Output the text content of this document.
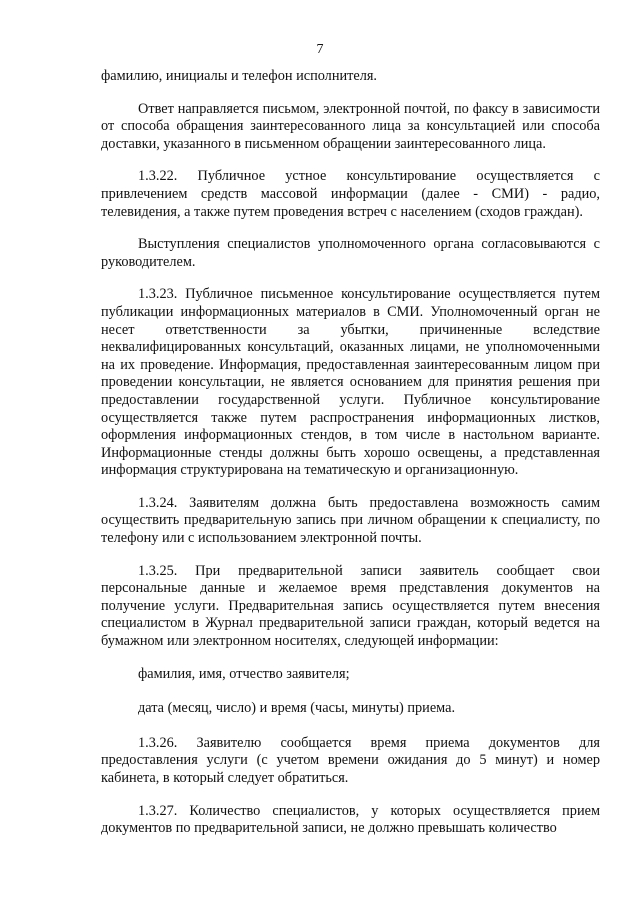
7

фамилию, инициалы и телефон исполнителя.

Ответ направляется письмом, электронной почтой, по факсу в зависимости от способа обращения заинтересованного лица за консультацией или способа доставки, указанного в письменном обращении заинтересованного лица.

1.3.22. Публичное устное консультирование осуществляется с привлечением средств массовой информации (далее - СМИ) - радио, телевидения, а также путем проведения встреч с населением (сходов граждан).

Выступления специалистов уполномоченного органа согласовываются с руководителем.

1.3.23. Публичное письменное консультирование осуществляется путем публикации информационных материалов в СМИ. Уполномоченный орган не несет ответственности за убытки, причиненные вследствие неквалифицированных консультаций, оказанных лицами, не уполномоченными на их проведение. Информация, предоставленная заинтересованным лицом при проведении консультации, не является основанием для принятия решения при предоставлении государственной услуги. Публичное консультирование осуществляется также путем распространения информационных листков, оформления информационных стендов, в том числе в настольном варианте. Информационные стенды должны быть хорошо освещены, а представленная информация структурирована на тематическую и организационную.

1.3.24. Заявителям должна быть предоставлена возможность самим осуществить предварительную запись при личном обращении к специалисту, по телефону или с использованием электронной почты.

1.3.25. При предварительной записи заявитель сообщает свои персональные данные и желаемое время представления документов на получение услуги. Предварительная запись осуществляется путем внесения специалистом в Журнал предварительной записи граждан, который ведется на бумажном или электронном носителях, следующей информации:

фамилия, имя, отчество заявителя;

дата (месяц, число) и время (часы, минуты) приема.

1.3.26. Заявителю сообщается время приема документов для предоставления услуги (с учетом времени ожидания до 5 минут) и номер кабинета, в который следует обратиться.

1.3.27. Количество специалистов, у которых осуществляется прием документов по предварительной записи, не должно превышать количество
